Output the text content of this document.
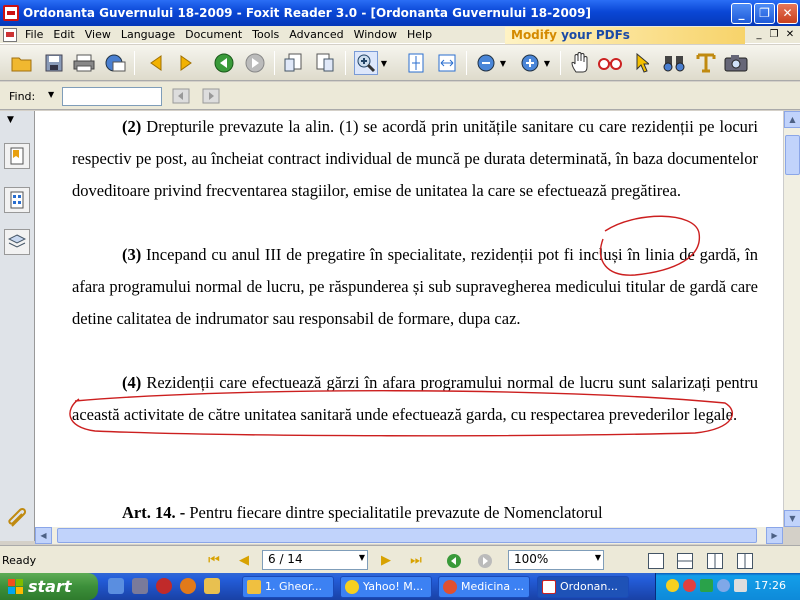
Ordonanta Guvernului 18-2009 - Foxit Reader 3.0 - [Ordonanta Guvernului 18-2009]	_	❐	✕
File Edit View Language Document Tools Advanced Window Help	Modify your PDFs	_ ❐ ✕
▼	▼	▼
Find: ▼
▼	(2) Drepturile prevazute la alin. (1) se acordă prin unitățile sanitare cu care rezidenții pe locuri respectiv pe post, au încheiat contract individual de muncă pe durata determinată, în baza documentelor doveditoare privind frecventarea stagiilor, emise de unitatea la care se efectuează pregătirea.
(3) Incepand cu anul III de pregatire în specialitate, rezidenții pot fi incluși în linia de gardă, în afara programului normal de lucru, pe răspunderea și sub supravegherea medicului titular de gardă care detine calitatea de indrumator sau responsabil de formare, dupa caz.
(4) Rezidenții care efectuează gărzi în afara programului normal de lucru sunt salarizați pentru această activitate de către unitatea sanitară unde efectuează garda, cu respectarea prevederilor legale.
Art. 14. - Pentru fiecare dintre specialitatile prevazute de Nomenclatorul
▲
▼
◀	▶
Ready	⏮ ◀	6 / 14	▼ ▶ ⏭	100%	▼
start	1. Gheor...	Yahoo! M...	Medicina ...	Ordonan...	17:26
